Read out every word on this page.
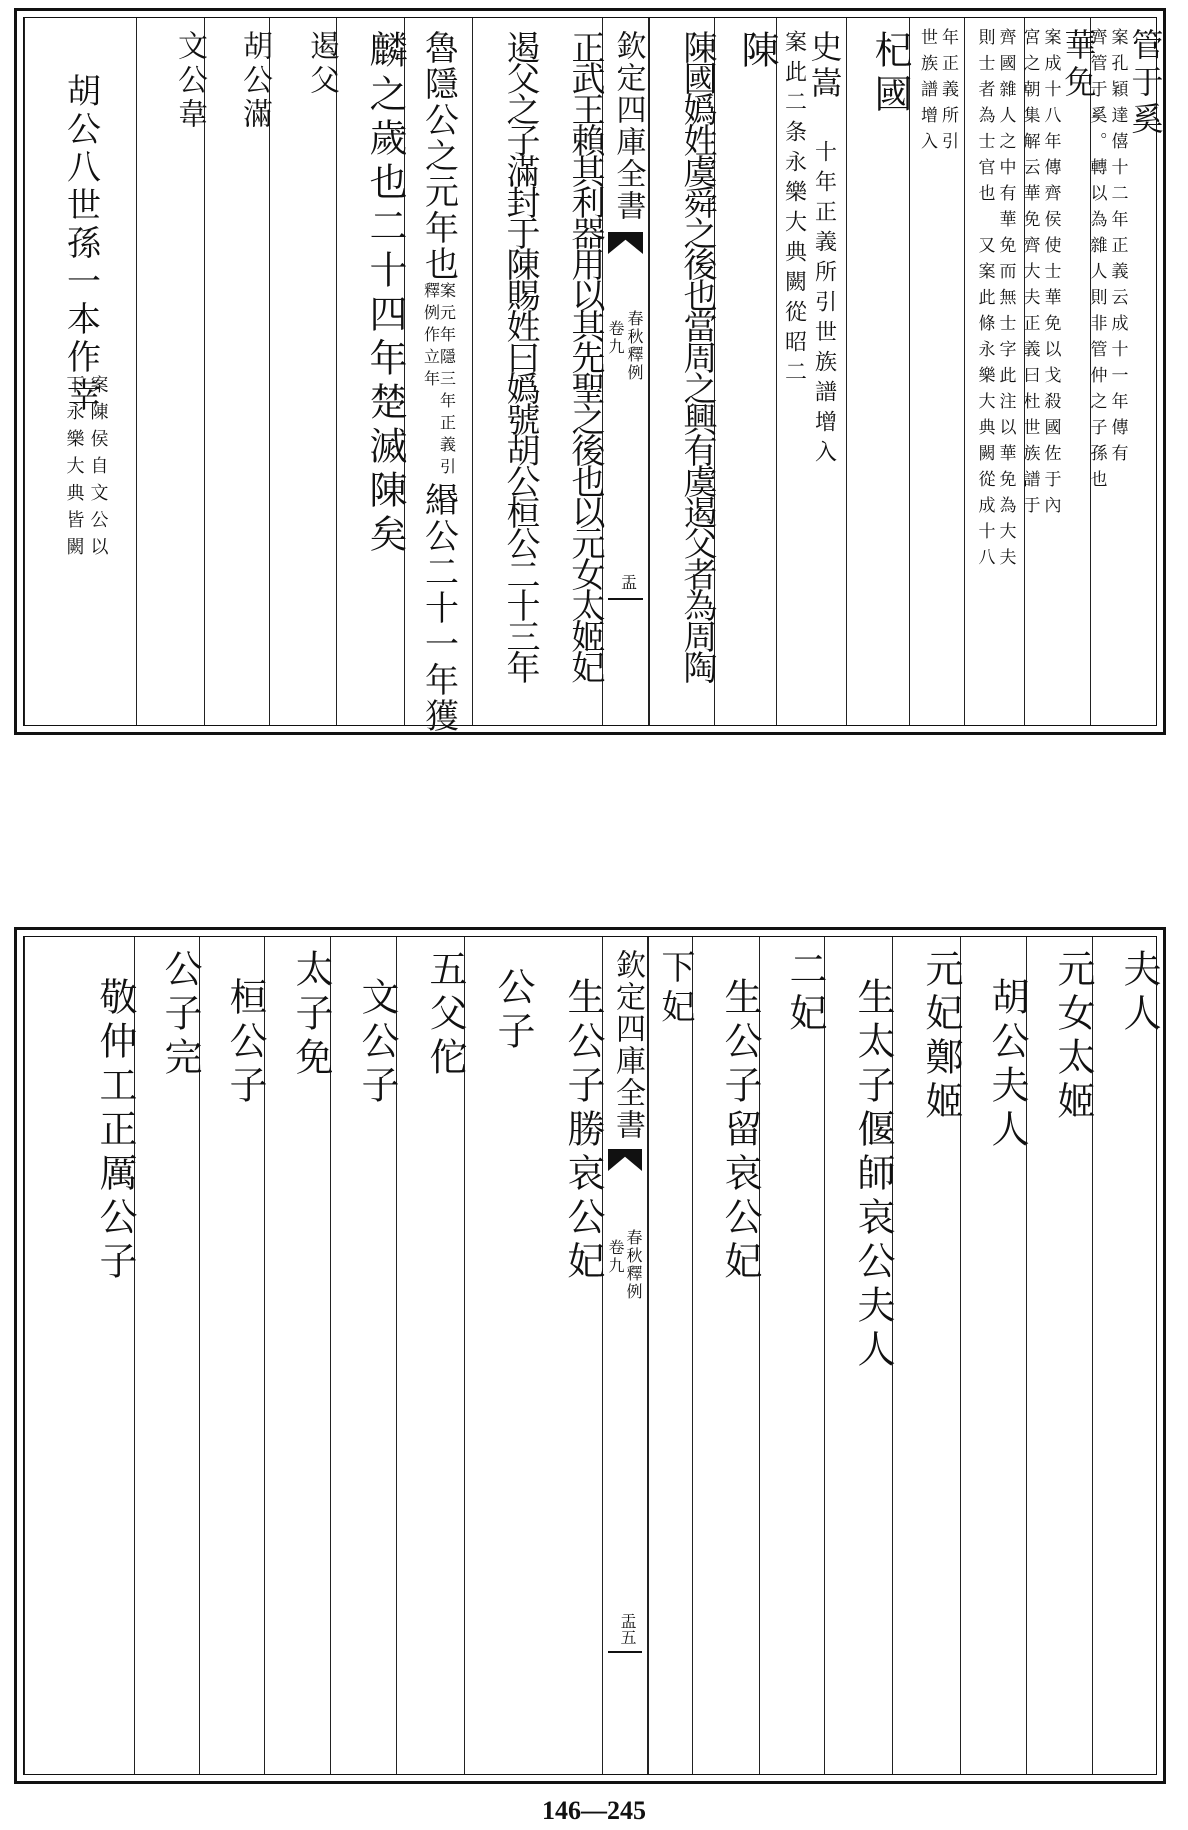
管于奚
案孔穎達僖十二年正義云成十一年傳有
齊管于奚。轉以為雜人則非管仲之子孫也
華免
案成十八年傳齊侯使士華免以戈殺國佐于內
宮之朝集解云華免齊大夫正義曰杜世族譜于
齊國雜人之中有華免而無士字此注以華免為大夫
則士者為士官也　又案此條永樂大典闕從成十八
年正義所引
世族譜增入
杞國
史嵩
案此二条永樂大典闕從昭二 十年正義所引世族譜增入
陳
陳國嬀姓虞舜之後也當周之興有虞遏父者為周陶
欽定四庫全書
春秋釋例
卷九
盂
正武王賴其利器用以其先聖之後也以元女太姬妃
遏父之子滿封于陳賜姓曰嬀號胡公桓公二十三年
魯隱公之元年也
案元年隱三年正義引釋例作立年
緡公二十一年獲
麟之歲也二十四年楚滅陳矣
遏父
胡公滿
文公韋
胡公八世孫一本作幸
案陳侯自文公以
下永樂大典皆闕
夫人
元女太姬
胡公夫人
元妃鄭姬
生太子偃師哀公夫人
二妃
生公子留哀公妃
下妃
欽定四庫全書
春秋釋例
卷九
盂五
生公子勝哀公妃
公子
五父佗
文公子
太子免
桓公子
公子完
敬仲工正厲公子
146—245
